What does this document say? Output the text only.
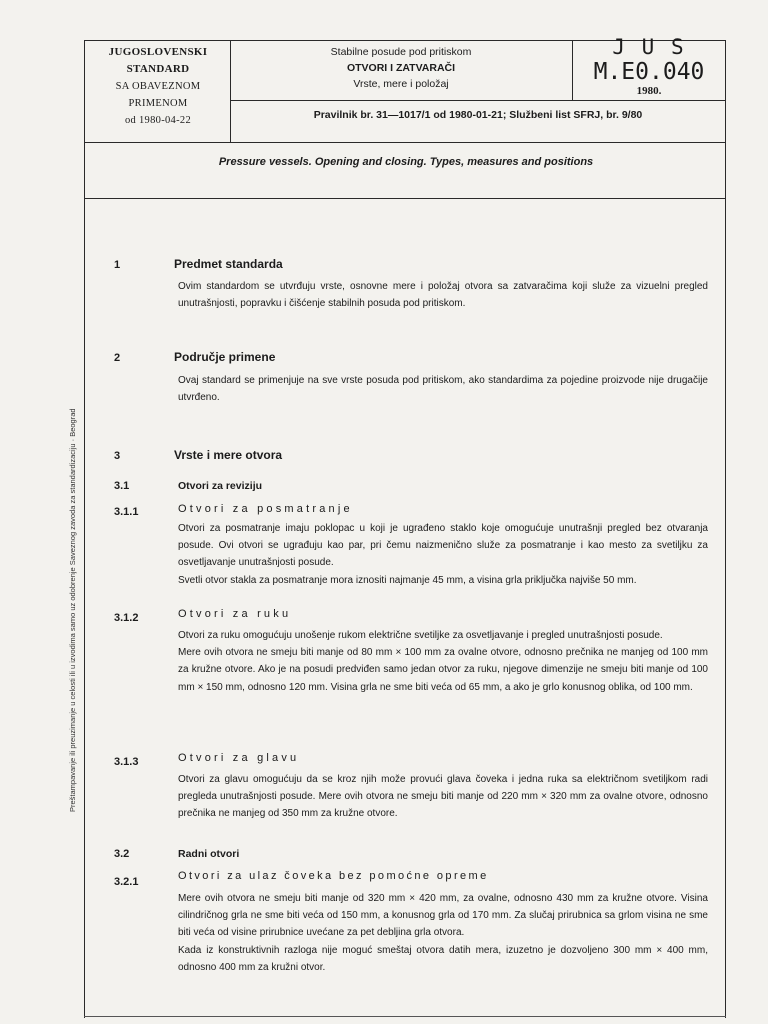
JUGOSLOVENSKI
STANDARD
SA OBAVEZNOM
PRIMENOM
od 1980-04-22
Stabilne posude pod pritiskom
OTVORI I ZATVARAČI
Vrste, mere i položaj
J U S
M.E0.040
1980.
Pravilnik br. 31—1017/1 od 1980-01-21; Službeni list SFRJ, br. 9/80
Pressure vessels. Opening and closing. Types, measures and positions
Preštampavanje ili preuzimanje u celosti ili u izvodima samo uz odobrenje Saveznog zavoda za standardizaciju · Beograd
1	Predmet standarda

Ovim standardom se utvrđuju vrste, osnovne mere i položaj otvora sa zatvaračima koji služe za vizuelni pregled unutrašnjosti, popravku i čišćenje stabilnih posuda pod pritiskom.

2	Područje primene

Ovaj standard se primenjuje na sve vrste posuda pod pritiskom, ako standardima za pojedine proizvode nije drugačije utvrđeno.

3	Vrste i mere otvora
3.1	Otvori za reviziju
3.1.1	Otvori za posmatranje

Otvori za posmatranje imaju poklopac u koji je ugrađeno staklo koje omogućuje unutrašnji pregled bez otvaranja posude. Ovi otvori se ugrađuju kao par, pri čemu naizmenično služe za posmatranje i kao mesto za svetiljku za osvetljavanje unutrašnjosti posude.

Svetli otvor stakla za posmatranje mora iznositi najmanje 45 mm, a visina grla priključka najviše 50 mm.

3.1.2	Otvori za ruku

Otvori za ruku omogućuju unošenje rukom električne svetiljke za osvetljavanje i pregled unutrašnjosti posude.

Mere ovih otvora ne smeju biti manje od 80 mm × 100 mm za ovalne otvore, odnosno prečnika ne manjeg od 100 mm za kružne otvore. Ako je na posudi predviđen samo jedan otvor za ruku, njegove dimenzije ne smeju biti manje od 100 mm × 150 mm, odnosno 120 mm. Visina grla ne sme biti veća od 65 mm, a ako je grlo konusnog oblika, od 100 mm.

3.1.3	Otvori za glavu

Otvori za glavu omogućuju da se kroz njih može provući glava čoveka i jedna ruka sa električnom svetiljkom radi pregleda unutrašnjosti posude. Mere ovih otvora ne smeju biti manje od 220 mm × 320 mm za ovalne otvore, odnosno prečnika ne manjeg od 350 mm za kružne otvore.

3.2	Radni otvori
3.2.1	Otvori za ulaz čoveka bez pomoćne opreme

Mere ovih otvora ne smeju biti manje od 320 mm × 420 mm, za ovalne, odnosno 430 mm za kružne otvore. Visina cilindričnog grla ne sme biti veća od 150 mm, a konusnog grla od 170 mm. Za slučaj prirubnica sa grlom visina ne sme biti veća od visine prirubnice uvećane za pet debljina grla otvora.

Kada iz konstruktivnih razloga nije moguć smeštaj otvora datih mera, izuzetno je dozvoljeno 300 mm × 400 mm, odnosno 400 mm za kružni otvor.
